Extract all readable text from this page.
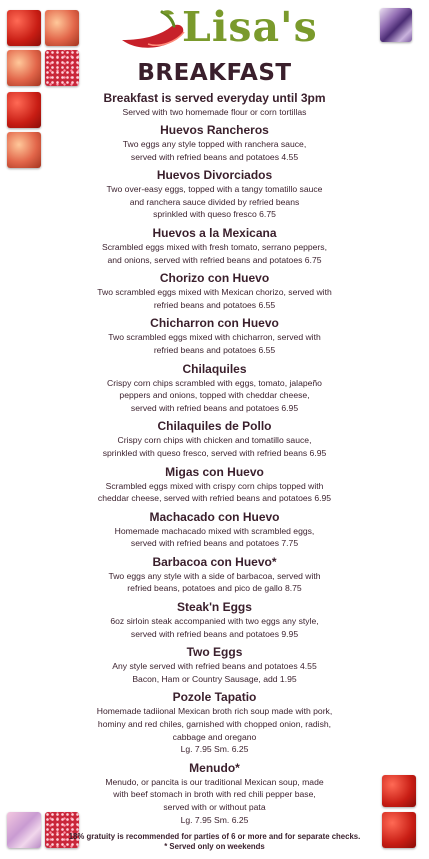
Lisa's
BREAKFAST
Breakfast is served everyday until 3pm
Served with two homemade flour or corn tortillas
Huevos Rancheros
Two eggs any style topped with ranchera sauce,
served with refried beans and potatoes 4.55
Huevos Divorciados
Two over-easy eggs, topped with a tangy tomatillo sauce
and ranchera sauce divided by refried beans
sprinkled with queso fresco 6.75
Huevos a la Mexicana
Scrambled eggs mixed with fresh tomato, serrano peppers,
and onions, served with refried beans and potatoes 6.75
Chorizo con Huevo
Two scrambled eggs mixed with Mexican chorizo, served with
refried beans and potatoes 6.55
Chicharron con Huevo
Two scrambled eggs mixed with chicharron, served with
refried beans and potatoes 6.55
Chilaquiles
Crispy corn chips scrambled with eggs, tomato, jalapeño
peppers and onions, topped with cheddar cheese,
served with refried beans and potatoes 6.95
Chilaquiles de Pollo
Crispy corn chips with chicken and tomatillo sauce,
sprinkled with queso fresco, served with refried beans 6.95
Migas con Huevo
Scrambled eggs mixed with crispy corn chips topped with
cheddar cheese, served with refried beans and potatoes 6.95
Machacado con Huevo
Homemade machacado mixed with scrambled eggs,
served with refried beans and potatoes 7.75
Barbacoa con Huevo*
Two eggs any style with a side of barbacoa, served with
refried beans, potatoes and pico de gallo 8.75
Steak'n Eggs
6oz sirloin steak accompanied with two eggs any style,
served with refried beans and potatoes 9.95
Two Eggs
Any style served with refried beans and potatoes 4.55
Bacon, Ham or Country Sausage, add 1.95
Pozole Tapatio
Homemade tadiional Mexican broth rich soup made with pork,
hominy and red chiles, garnished with chopped onion, radish,
cabbage and oregano
Lg. 7.95 Sm. 6.25
Menudo*
Menudo, or pancita is our traditional Mexican soup, made
with beef stomach in broth with red chili pepper base,
served with or without pata
Lg. 7.95 Sm. 6.25
18% gratuity is recommended for parties of 6 or more and for separate checks.
* Served only on weekends
